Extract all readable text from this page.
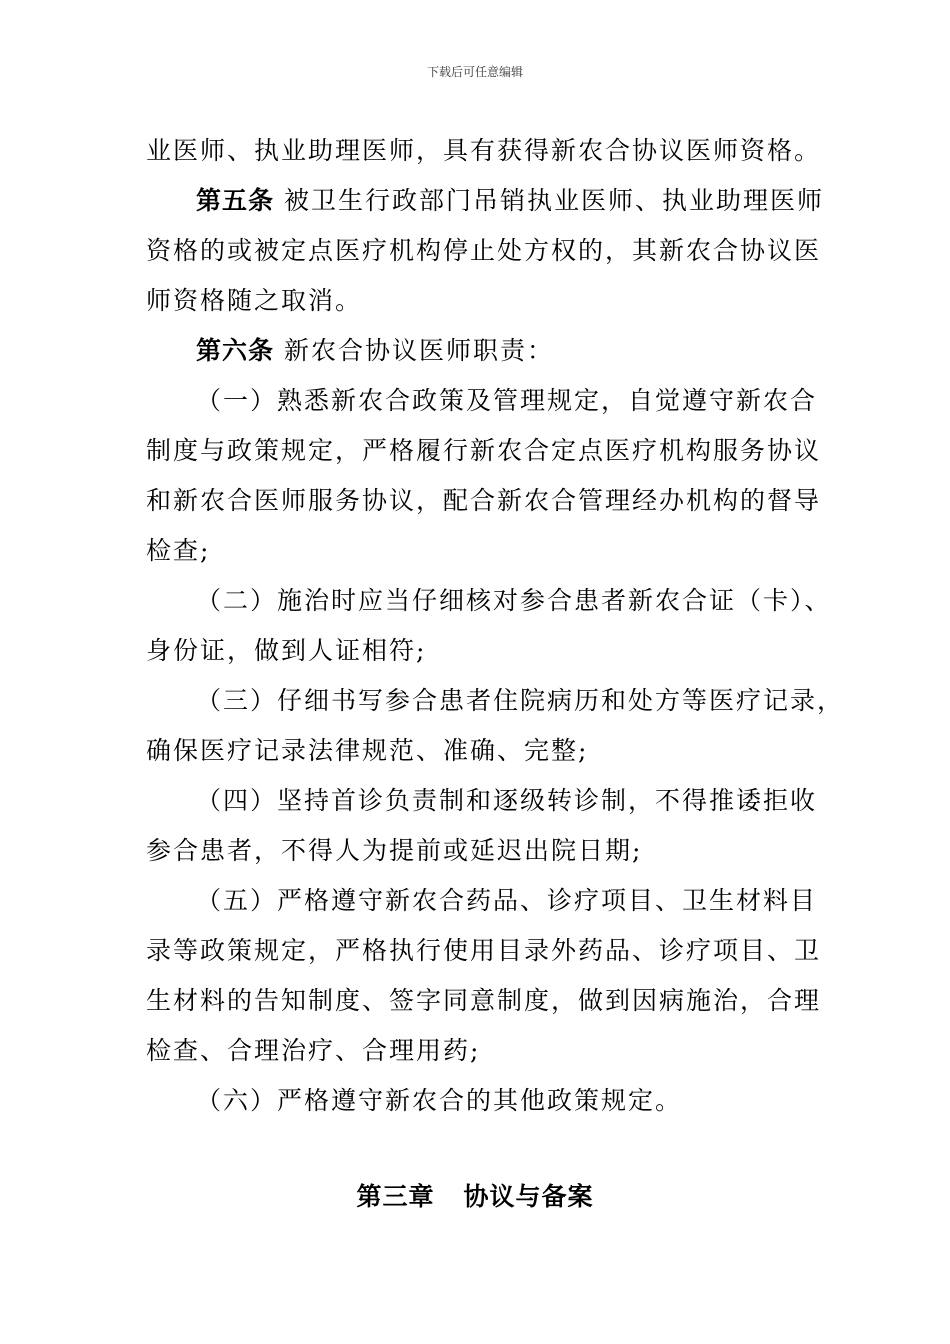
下载后可任意编辑
业医师、执业助理医师，具有获得新农合协议医师资格。
第五条 被卫生行政部门吊销执业医师、执业助理医师
资格的或被定点医疗机构停止处方权的，其新农合协议医
师资格随之取消。
第六条 新农合协议医师职责：
（一）熟悉新农合政策及管理规定，自觉遵守新农合
制度与政策规定，严格履行新农合定点医疗机构服务协议
和新农合医师服务协议，配合新农合管理经办机构的督导
检查;
（二）施治时应当仔细核对参合患者新农合证（卡）、
身份证，做到人证相符;
（三）仔细书写参合患者住院病历和处方等医疗记录，
确保医疗记录法律规范、准确、完整;
（四）坚持首诊负责制和逐级转诊制，不得推诿拒收
参合患者，不得人为提前或延迟出院日期;
（五）严格遵守新农合药品、诊疗项目、卫生材料目
录等政策规定，严格执行使用目录外药品、诊疗项目、卫
生材料的告知制度、签字同意制度，做到因病施治，合理
检查、合理治疗、合理用药;
（六）严格遵守新农合的其他政策规定。
第三章   协议与备案
